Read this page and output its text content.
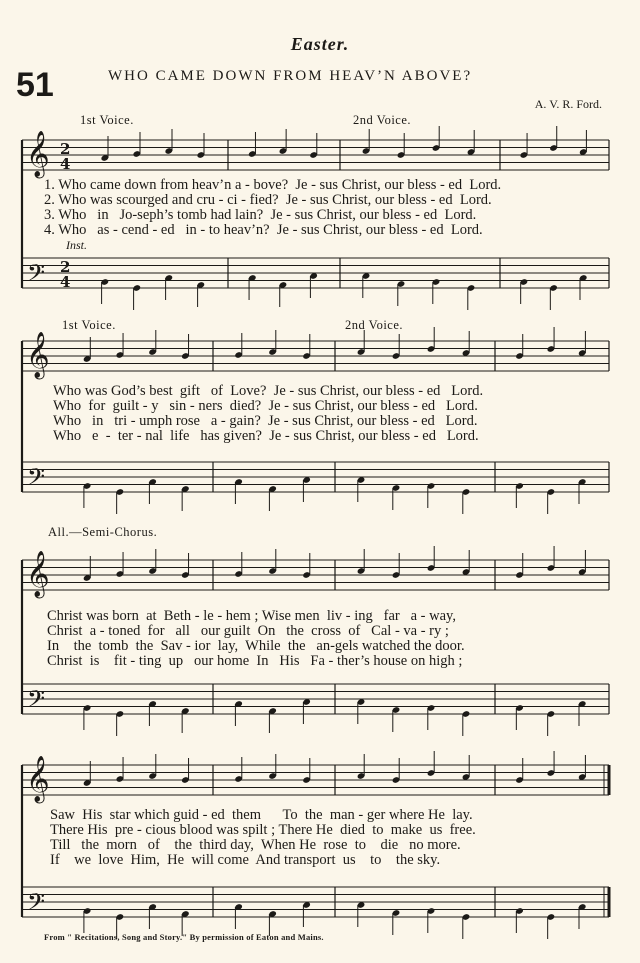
Easter.
51	WHO CAME DOWN FROM HEAV’N ABOVE?
A. V. R. Ford.
𝄞
𝄢
2
4
2
4
𝄞
𝄢
𝄞
𝄢
𝄞
𝄢
1st Voice.	2nd Voice.
1. Who came down from heav’n a - bove?  Je - sus Christ, our bless - ed  Lord.
2. Who was scourged and cru - ci - fied?  Je - sus Christ, our bless - ed  Lord.
3. Who   in   Jo-seph’s tomb had lain?  Je - sus Christ, our bless - ed  Lord.
4. Who   as - cend - ed   in - to heav’n?  Je - sus Christ, our bless - ed  Lord.
Inst.
1st Voice.	2nd Voice.
Who was God’s best  gift   of  Love?  Je - sus Christ, our bless - ed   Lord.
Who  for  guilt - y   sin - ners  died?  Je - sus Christ, our bless - ed   Lord.
Who   in   tri - umph rose   a - gain?  Je - sus Christ, our bless - ed   Lord.
Who   e  -  ter - nal  life   has given?  Je - sus Christ, our bless - ed   Lord.
All.—Semi-Chorus.
Christ was born  at  Beth - le - hem ; Wise men  liv - ing   far   a - way,
Christ  a - toned  for   all   our guilt  On   the  cross  of   Cal - va - ry ;
In    the  tomb  the  Sav - ior  lay,  While  the   an-gels watched the door.
Christ  is    fit - ting  up   our home  In   His   Fa - ther’s house on high ;
Saw  His  star which guid - ed  them      To  the  man - ger where He  lay.
There His  pre - cious blood was spilt ; There He  died  to  make  us  free.
Till   the  morn   of    the  third day,  When He  rose  to    die   no more.
If    we  love  Him,  He  will come  And transport  us    to    the sky.
From " Recitations, Song and Story." By permission of Eaton and Mains.
